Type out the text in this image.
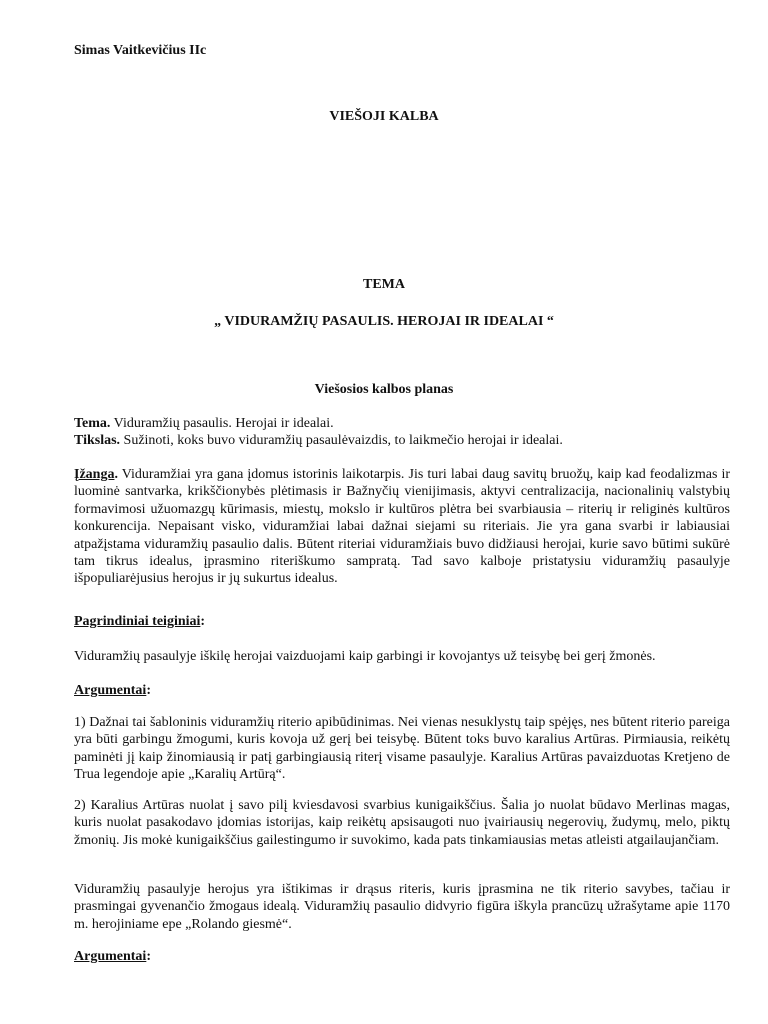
Simas Vaitkevičius IIc
VIEŠOJI KALBA
TEMA
„ VIDURAMŽIŲ PASAULIS. HEROJAI IR IDEALAI “
Viešosios kalbos planas
Tema. Viduramžių pasaulis. Herojai ir idealai.
Tikslas. Sužinoti, koks buvo viduramžių pasaulėvaizdis, to laikmečio herojai ir idealai.
Įžanga. Viduramžiai yra gana įdomus istorinis laikotarpis. Jis turi labai daug savitų bruožų, kaip kad feodalizmas ir luominė santvarka, krikščionybės plėtimasis ir Bažnyčių vienijimasis, aktyvi centralizacija, nacionalinių valstybių formavimosi užuomazgų kūrimasis, miestų, mokslo ir kultūros plėtra bei svarbiausia – riterių ir religinės kultūros konkurencija. Nepaisant visko, viduramžiai labai dažnai siejami su riteriais. Jie yra gana svarbi ir labiausiai atpažįstama viduramžių pasaulio dalis. Būtent riteriai viduramžiais buvo didžiausi herojai, kurie savo būtimi sukūrė tam tikrus idealus, įprasmino riteriškumo sampratą. Tad savo kalboje pristatysiu viduramžių pasaulyje išpopuliarėjusius herojus ir jų sukurtus idealus.
Pagrindiniai teiginiai:
Viduramžių pasaulyje iškilę herojai vaizduojami kaip garbingi ir kovojantys už teisybę bei gerį žmonės.
Argumentai:
1) Dažnai tai šabloninis viduramžių riterio apibūdinimas. Nei vienas nesuklystų taip spėjęs, nes būtent riterio pareiga yra būti garbingu žmogumi, kuris kovoja už gerį bei teisybę. Būtent toks buvo karalius Artūras. Pirmiausia, reikėtų paminėti jį kaip žinomiausią ir patį garbingiausią riterį visame pasaulyje. Karalius Artūras pavaizduotas Kretjeno de Trua legendoje apie „Karalių Artūrą“.
2) Karalius Artūras nuolat į savo pilį kviesdavosi svarbius kunigaikščius. Šalia jo nuolat būdavo Merlinas magas, kuris nuolat pasakodavo įdomias istorijas, kaip reikėtų apsisaugoti nuo įvairiausių negerovių, žudymų, melo, piktų žmonių. Jis mokė kunigaikščius gailestingumo ir suvokimo, kada pats tinkamiausias metas atleisti atgailaujančiam.
Viduramžių pasaulyje herojus yra ištikimas ir drąsus riteris, kuris įprasmina ne tik riterio savybes, tačiau ir prasmingai gyvenančio žmogaus idealą. Viduramžių pasaulio didvyrio figūra iškyla prancūzų užrašytame apie 1170 m. herojiniame epe „Rolando giesmė“.
Argumentai:
